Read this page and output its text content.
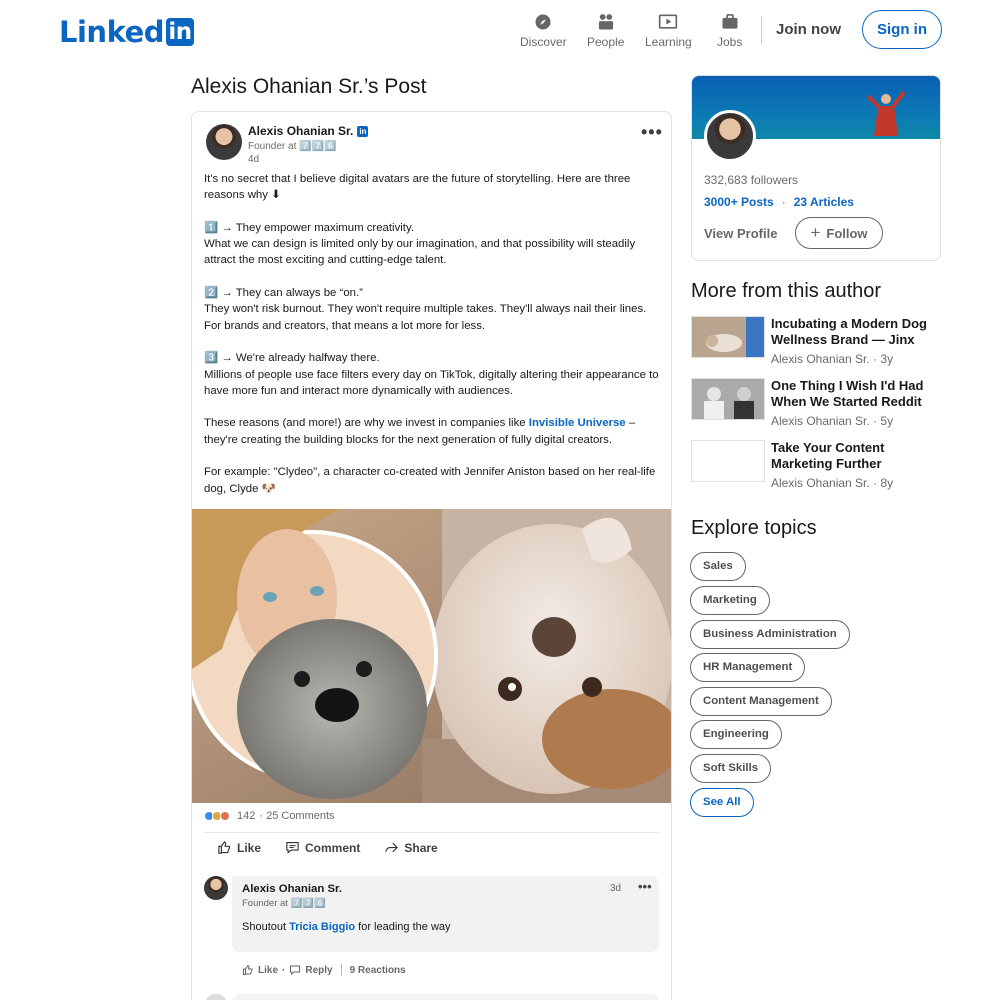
Linked in	Discover People Learning Jobs
Join now	Sign in
Alexis Ohanian Sr.’s Post
Alexis Ohanian Sr. in
Founder at 7️⃣7️⃣6️⃣
4d
•••

It's no secret that I believe digital avatars are the future of storytelling. Here are three reasons why ⬇

1️⃣ → They empower maximum creativity.

What we can design is limited only by our imagination, and that possibility will steadily attract the most exciting and cutting-edge talent.

2️⃣ → They can always be “on.”

They won't risk burnout. They won't require multiple takes. They'll always nail their lines. For brands and creators, that means a lot more for less.

3️⃣ → We're already halfway there.

Millions of people use face filters every day on TikTok, digitally altering their appearance to have more fun and interact more dynamically with audiences.

These reasons (and more!) are why we invest in companies like Invisible Universe – they're creating the building blocks for the next generation of fully digital creators.

For example: "Clydeo", a character co-created with Jennifer Aniston based on her real-life dog, Clyde 🐶

142 · 25 Comments
Like	Comment	Share
Alexis Ohanian Sr.
Founder at 7️⃣7️⃣6️⃣
Shoutout Tricia Biggio for leading the way
3d •••
Like · Reply 9 Reactions
332,683 followers
3000+ Posts · 23 Articles
View Profile + Follow
More from this author
Incubating a Modern Dog Wellness Brand — Jinx
Alexis Ohanian Sr. · 3y
One Thing I Wish I'd Had When We Started Reddit
Alexis Ohanian Sr. · 5y
Take Your Content Marketing Further
Alexis Ohanian Sr. · 8y
Explore topics
Sales
Marketing
Business Administration
HR Management
Content Management
Engineering
Soft Skills
See All
